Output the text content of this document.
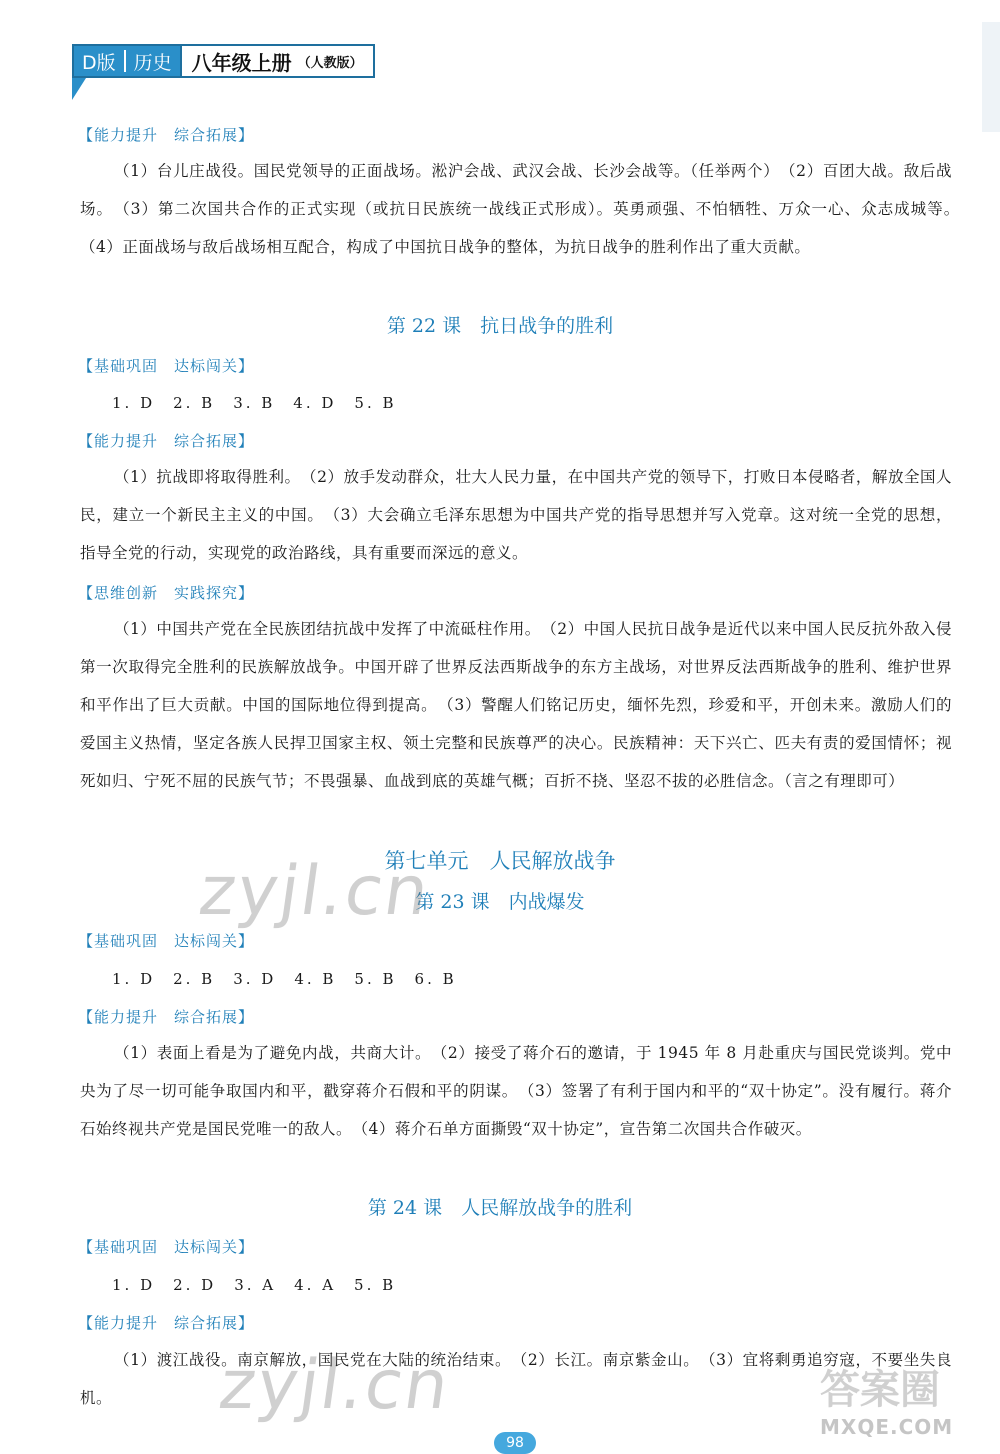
D版 历史 八年级上册 （人教版）
【能力提升　综合拓展】
（1）台儿庄战役。国民党领导的正面战场。淞沪会战、武汉会战、长沙会战等。（任举两个）　（2）百团大战。敌后战场。　（3）第二次国共合作的正式实现（或抗日民族统一战线正式形成）。英勇顽强、不怕牺牲、万众一心、众志成城等。　（4）正面战场与敌后战场相互配合，构成了中国抗日战争的整体，为抗日战争的胜利作出了重大贡献。
第 22 课　抗日战争的胜利
【基础巩固　达标闯关】
1. D　2. B　3. B　4. D　5. B
【能力提升　综合拓展】
（1）抗战即将取得胜利。　（2）放手发动群众，壮大人民力量，在中国共产党的领导下，打败日本侵略者，解放全国人民，建立一个新民主主义的中国。　（3）大会确立毛泽东思想为中国共产党的指导思想并写入党章。这对统一全党的思想，指导全党的行动，实现党的政治路线，具有重要而深远的意义。
【思维创新　实践探究】
（1）中国共产党在全民族团结抗战中发挥了中流砥柱作用。　（2）中国人民抗日战争是近代以来中国人民反抗外敌入侵第一次取得完全胜利的民族解放战争。中国开辟了世界反法西斯战争的东方主战场，对世界反法西斯战争的胜利、维护世界和平作出了巨大贡献。中国的国际地位得到提高。　（3）警醒人们铭记历史，缅怀先烈，珍爱和平，开创未来。激励人们的爱国主义热情，坚定各族人民捍卫国家主权、领土完整和民族尊严的决心。民族精神：天下兴亡、匹夫有责的爱国情怀；视死如归、宁死不屈的民族气节；不畏强暴、血战到底的英雄气概；百折不挠、坚忍不拔的必胜信念。（言之有理即可）
第七单元　人民解放战争
第 23 课　内战爆发
【基础巩固　达标闯关】
1. D　2. B　3. D　4. B　5. B　6. B
【能力提升　综合拓展】
（1）表面上看是为了避免内战，共商大计。　（2）接受了蒋介石的邀请，于 1945 年 8 月赴重庆与国民党谈判。党中央为了尽一切可能争取国内和平，戳穿蒋介石假和平的阴谋。　（3）签署了有利于国内和平的“双十协定”。没有履行。蒋介石始终视共产党是国民党唯一的敌人。　（4）蒋介石单方面撕毁“双十协定”，宣告第二次国共合作破灭。
第 24 课　人民解放战争的胜利
【基础巩固　达标闯关】
1. D　2. D　3. A　4. A　5. B
【能力提升　综合拓展】
（1）渡江战役。南京解放，国民党在大陆的统治结束。　（2）长江。南京紫金山。　（3）宜将剩勇追穷寇，不要坐失良机。
zyjl.cn
zyjl.cn	答案圈
MXQE.COM
98
